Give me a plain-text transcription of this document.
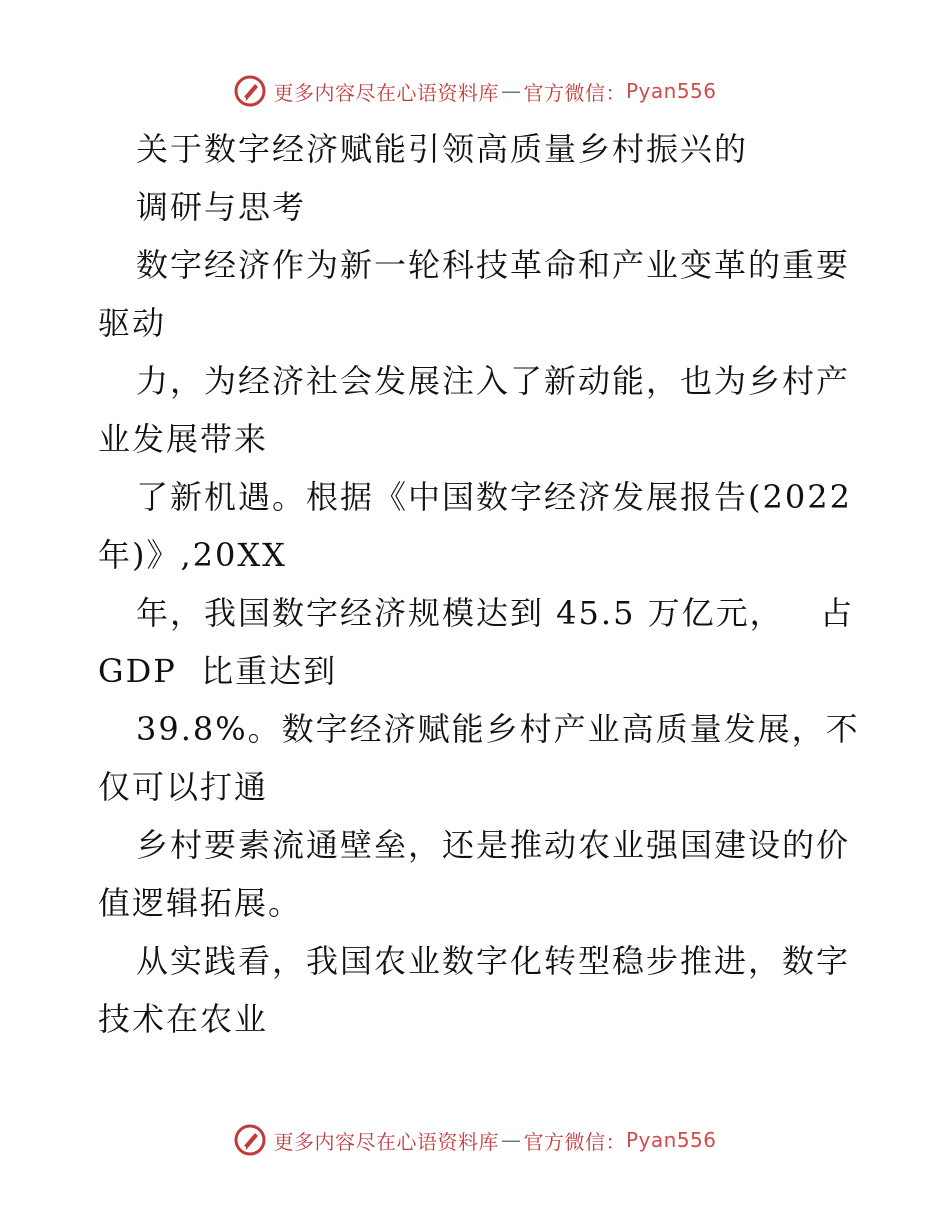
更多内容尽在心语资料库 — 官方微信： Pyan556
关于数字经济赋能引领高质量乡村振兴的
调研与思考
数字经济作为新一轮科技革命和产业变革的重要
驱动
力，为经济社会发展注入了新动能，也为乡村产
业发展带来
了新机遇。根据《中国数字经济发展报告(2022
年)》,20XX
年，我国数字经济规模达到 45.5 万亿元，   占
GDP  比重达到
39.8%。数字经济赋能乡村产业高质量发展，不
仅可以打通
乡村要素流通壁垒，还是推动农业强国建设的价
值逻辑拓展。
从实践看，我国农业数字化转型稳步推进，数字
技术在农业
更多内容尽在心语资料库 — 官方微信： Pyan556
